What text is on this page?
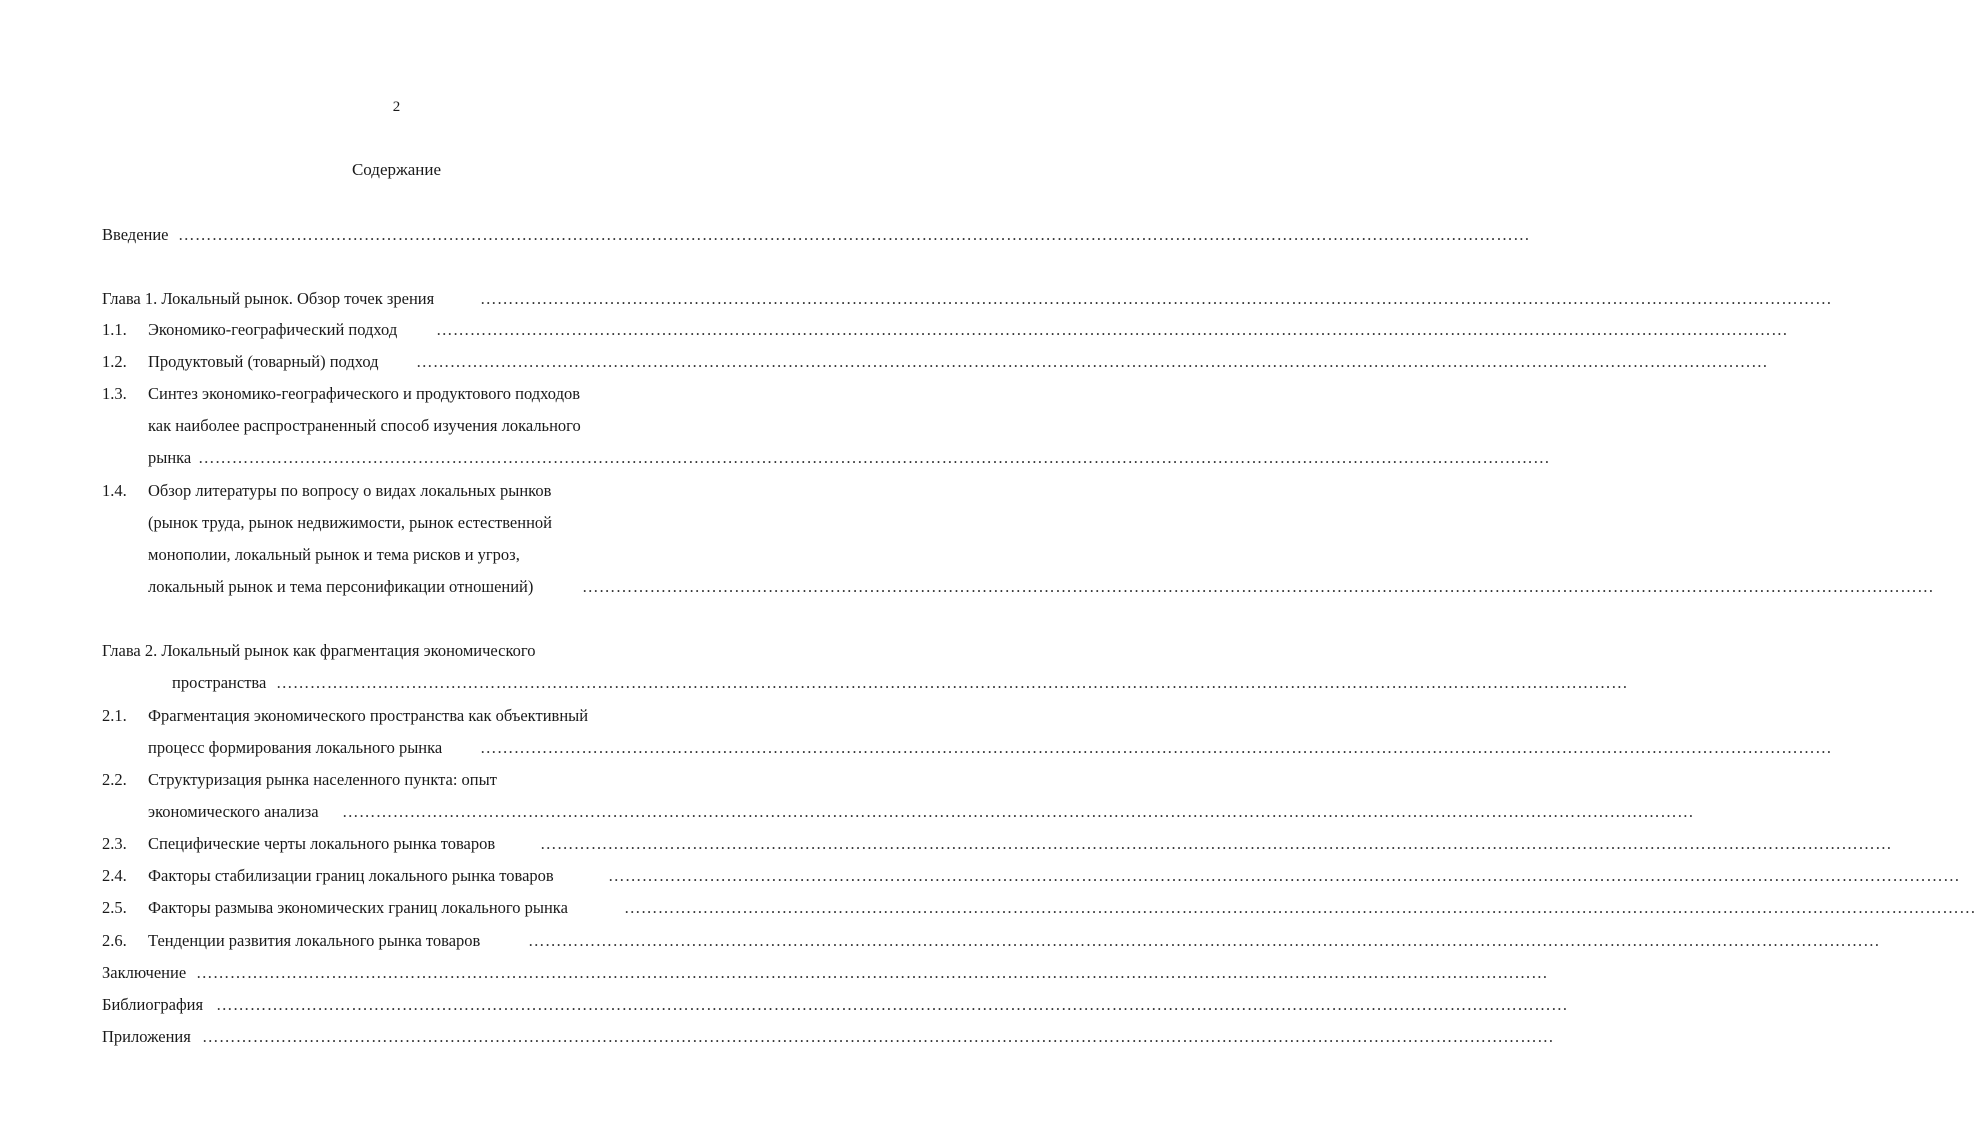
2
Содержание
Введение ……………………………………………………………………………………………………………………………………………………………………………………………………………………
Глава 1. Локальный рынок. Обзор точек зрения	……………………………………………………………………………………………………………………………………………………………………………………………………………………
1.1. Экономико-географический подход ……………………………………………………………………………………………………………………………………………………………………………………………………………………
1.2. Продуктовый (товарный) подход ……………………………………………………………………………………………………………………………………………………………………………………………………………………
1.3. Синтез экономико-географического и продуктового подходов
как наиболее распространенный способ изучения локального
рынка ……………………………………………………………………………………………………………………………………………………………………………………………………………………
1.4. Обзор литературы по вопросу о видах локальных рынков
(рынок труда, рынок недвижимости, рынок естественной
монополии, локальный рынок и тема рисков и угроз,
локальный рынок и тема персонификации отношений)	……………………………………………………………………………………………………………………………………………………………………………………………………………………
Глава 2. Локальный рынок как фрагментация экономического
пространства ……………………………………………………………………………………………………………………………………………………………………………………………………………………
2.1. Фрагментация экономического пространства как объективный
процесс формирования локального рынка ……………………………………………………………………………………………………………………………………………………………………………………………………………………
2.2. Структуризация рынка населенного пункта: опыт
экономического анализа ……………………………………………………………………………………………………………………………………………………………………………………………………………………
2.3. Специфические черты локального рынка товаров	……………………………………………………………………………………………………………………………………………………………………………………………………………………
2.4. Факторы стабилизации границ локального рынка товаров	……………………………………………………………………………………………………………………………………………………………………………………………………………………
2.5. Факторы размыва экономических границ локального рынка	……………………………………………………………………………………………………………………………………………………………………………………………………………………
2.6. Тенденции развития локального рынка товаров	……………………………………………………………………………………………………………………………………………………………………………………………………………………
Заключение ……………………………………………………………………………………………………………………………………………………………………………………………………………………
Библиография ……………………………………………………………………………………………………………………………………………………………………………………………………………………
Приложения ……………………………………………………………………………………………………………………………………………………………………………………………………………………
